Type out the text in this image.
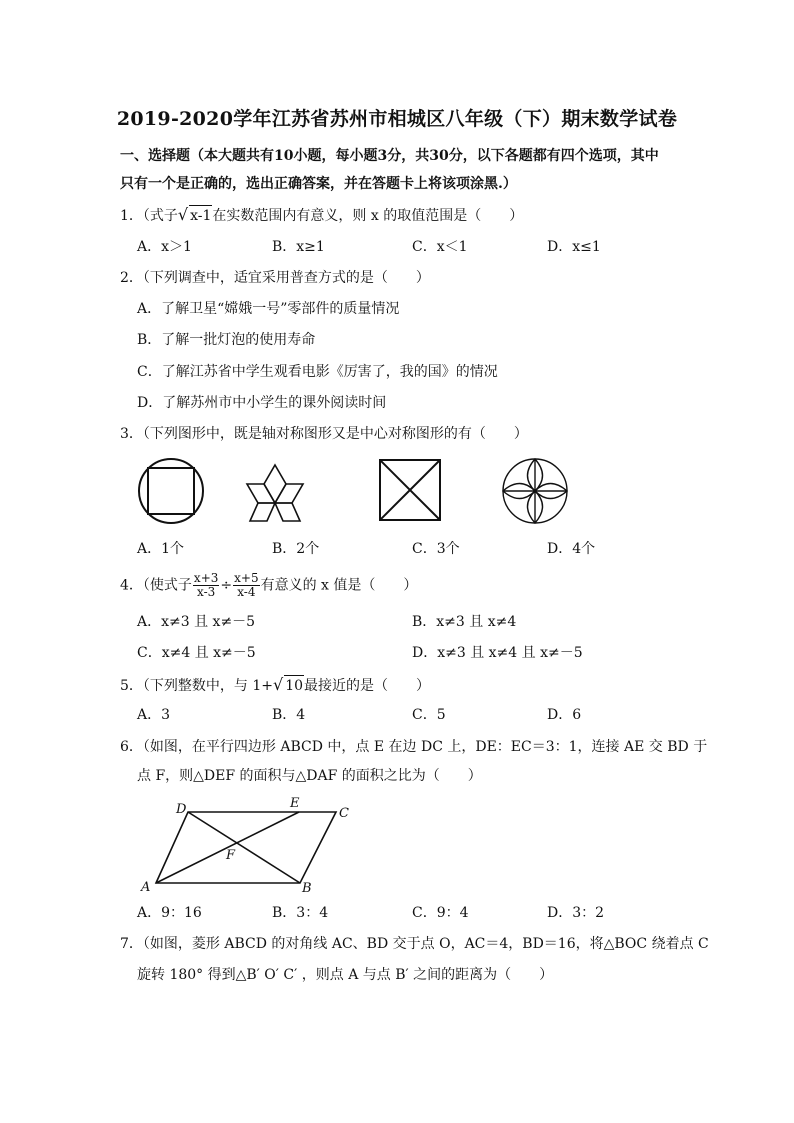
2019-2020学年江苏省苏州市相城区八年级（下）期末数学试卷
一、选择题（本大题共有10小题，每小题3分，共30分，以下各题都有四个选项，其中
只有一个是正确的，选出正确答案，并在答题卡上将该项涂黑.）
1．（式子√ x-1在实数范围内有意义，则 x 的取值范围是（　　）
A．x＞1	B．x≥1	C．x＜1	D．x≤1
2．（下列调查中，适宜采用普查方式的是（　　）
A．了解卫星“嫦娥一号”零部件的质量情况
B．了解一批灯泡的使用寿命
C．了解江苏省中学生观看电影《厉害了，我的国》的情况
D．了解苏州市中小学生的课外阅读时间
3．（下列图形中，既是轴对称图形又是中心对称图形的有（　　）
A．1个	B．2个	C．3个	D．4个
4．（使式子 $\frac{x+3}{x-3} \div \frac{x+5}{x-4}$ 有意义的 x 值是（　　）
A．x≠3 且 x≠－5	B．x≠3 且 x≠4
C．x≠4 且 x≠－5	D．x≠3 且 x≠4 且 x≠－5
5．（下列整数中，与 1+√ 10最接近的是（　　）
A．3	B．4	C．5	D．6
6．（如图，在平行四边形 ABCD 中，点 E 在边 DC 上，DE：EC＝3：1，连接 AE 交 BD 于
点 F，则△DEF 的面积与△DAF 的面积之比为（　　）
A	B
C
D	E
F
A．9：16	B．3：4	C．9：4	D．3：2
7．（如图，菱形 ABCD 的对角线 AC、BD 交于点 O，AC＝4，BD＝16，将△BOC 绕着点 C
旋转 180° 得到△B′ O′ C′ ，则点 A 与点 B′ 之间的距离为（　　）
